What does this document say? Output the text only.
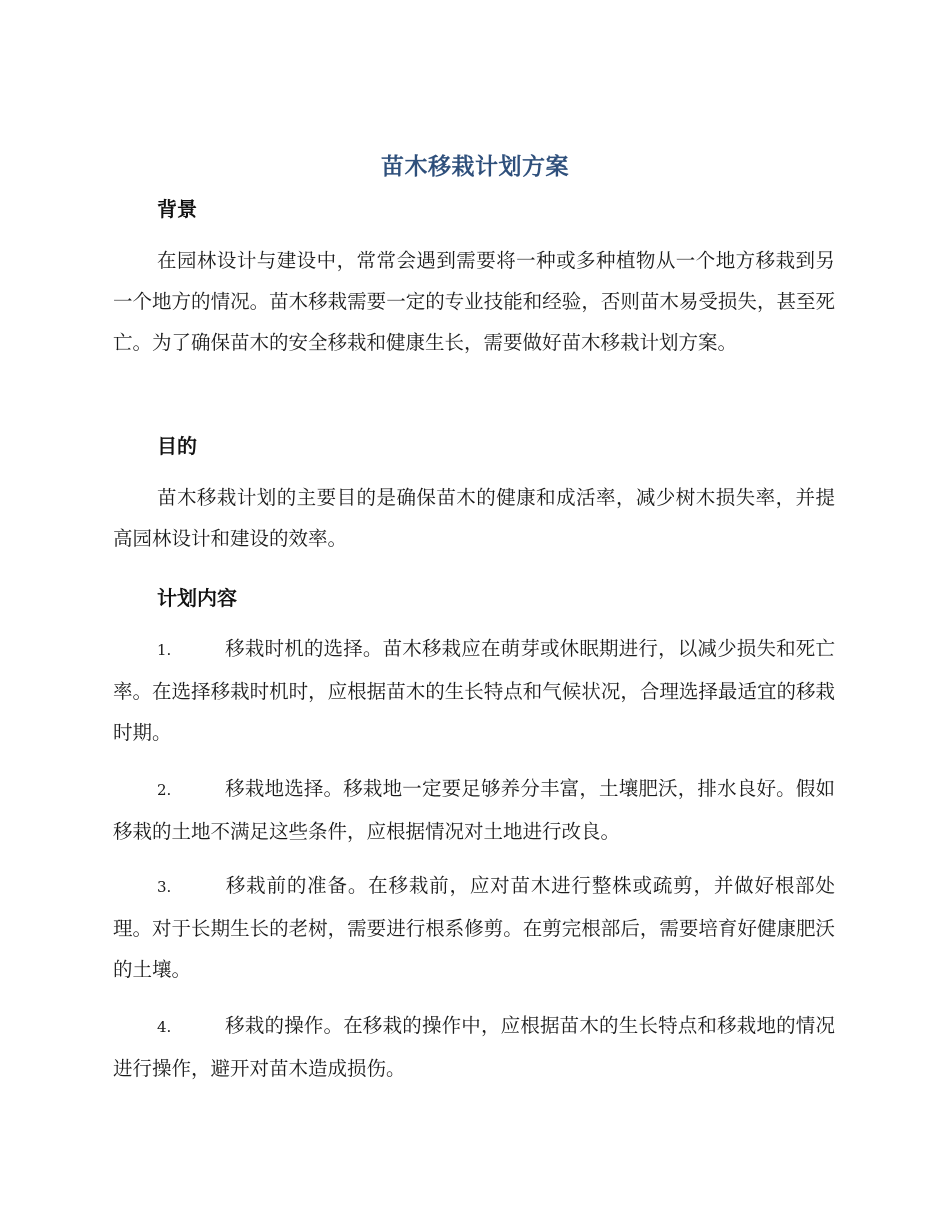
苗木移栽计划方案
背景

在园林设计与建设中，常常会遇到需要将一种或多种植物从一个地方移栽到另一个地方的情况。苗木移栽需要一定的专业技能和经验，否则苗木易受损失，甚至死亡。为了确保苗木的安全移栽和健康生长，需要做好苗木移栽计划方案。

目的

苗木移栽计划的主要目的是确保苗木的健康和成活率，减少树木损失率，并提高园林设计和建设的效率。

计划内容

1.	移栽时机的选择。苗木移栽应在萌芽或休眠期进行，以减少损失和死亡率。在选择移栽时机时，应根据苗木的生长特点和气候状况，合理选择最适宜的移栽时期。

2.	移栽地选择。移栽地一定要足够养分丰富，土壤肥沃，排水良好。假如移栽的土地不满足这些条件，应根据情况对土地进行改良。

3.	移栽前的准备。在移栽前，应对苗木进行整株或疏剪，并做好根部处理。对于长期生长的老树，需要进行根系修剪。在剪完根部后，需要培育好健康肥沃的土壤。

4.	移栽的操作。在移栽的操作中，应根据苗木的生长特点和移栽地的情况进行操作，避开对苗木造成损伤。
